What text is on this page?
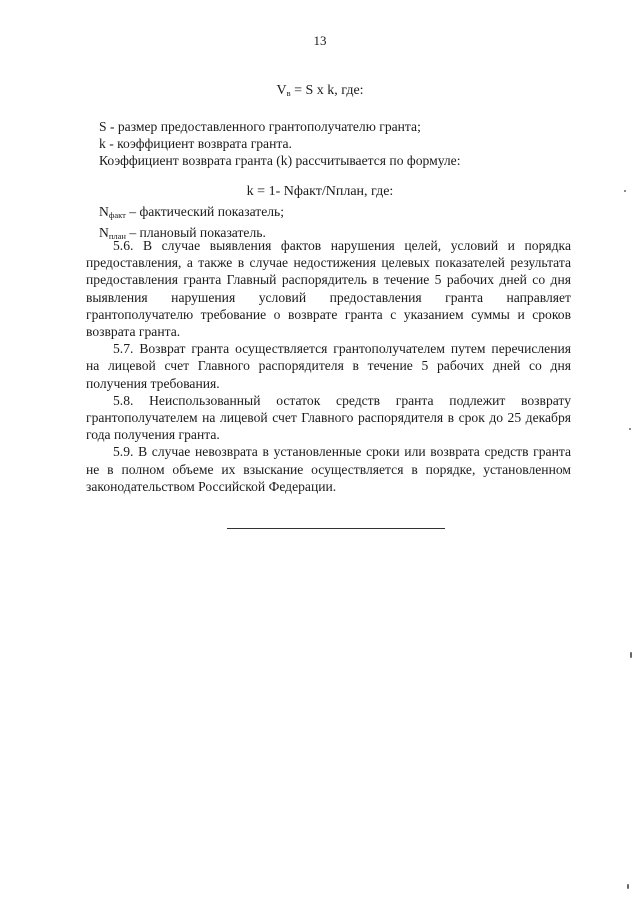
13
$V_в = S$ x k, где:
S - размер предоставленного грантополучателю гранта;
k - коэффициент возврата гранта.
Коэффициент возврата гранта (k) рассчитывается по формуле:
k = 1- Nфакт/Nплан, где:
$N_{факт}$ – фактический показатель;
$N_{план}$ – плановый показатель.

5.6. В случае выявления фактов нарушения целей, условий и порядка предоставления, а также в случае недостижения целевых показателей результата предоставления гранта Главный распорядитель в течение 5 рабочих дней со дня выявления нарушения условий предоставления гранта направляет грантополучателю требование о возврате гранта с указанием суммы и сроков возврата гранта.

5.7. Возврат гранта осуществляется грантополучателем путем перечисления на лицевой счет Главного распорядителя в течение 5 рабочих дней со дня получения требования.

5.8. Неиспользованный остаток средств гранта подлежит возврату грантополучателем на лицевой счет Главного распорядителя в срок до 25 декабря года получения гранта.

5.9. В случае невозврата в установленные сроки или возврата средств гранта не в полном объеме их взыскание осуществляется в порядке, установленном законодательством Российской Федерации.
